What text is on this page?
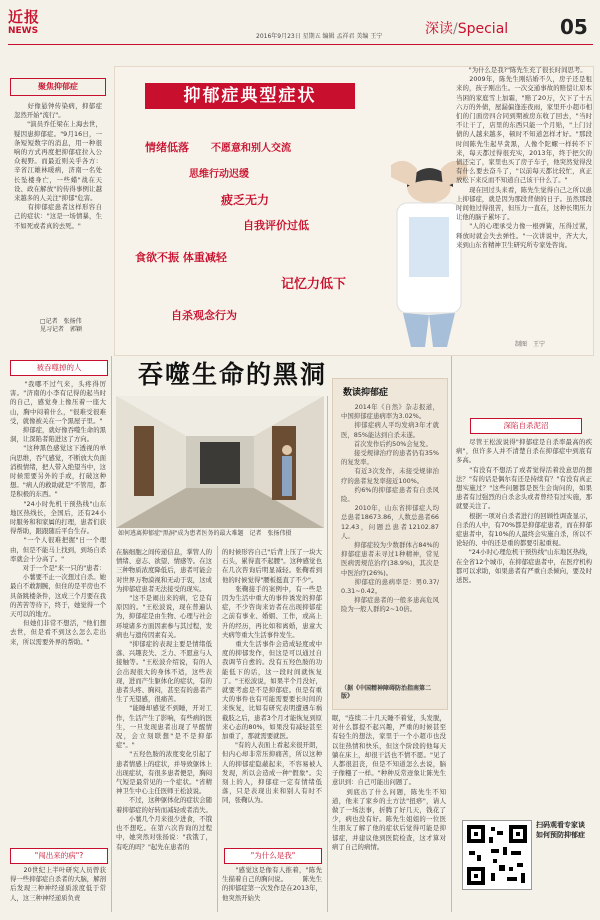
近报
NEWS
2016年9月23日 星期五 编辑 孟祥君 美编 王宁	深读/Special	05
聚焦抑郁症
　　好像悬钟传染病，抑郁症忽然开始"流行"。
　　"演员乔任梁在上海去世，疑因患抑郁症。"9月16日，一条短短数字的消息，用一种很响的方式再度把抑郁症拉入公众视野。而最近则关乎各方：辛省江雄林暖病，济南一名处长坠楼身亡，一些蜡"战在天设、政在解放"的传得事例让越来越多的人关注"抑郁"危害。
　　有抑郁症患者这样形容自己的症状："这是一场情暴，生不如死或者真的去死。"
□记者　张扬伟
见习记者　郭颖
抑郁症典型症状
情绪低落 不愿意和别人交流
思维行动迟缓
疲乏无力
自我评价过低
食欲不振 体重减轻
记忆力低下
自杀观念行为
制图　王宁
吞噬生命的黑洞
被吞噬掉的人
　　"我哪不过气来，头疼得厉害。"济南的小李有记得的起当时的自己，感觉身上像压着一座大山，胸中闷着什么，"很难受很难受，就像被关在一个黑屋子里。"
　　抑郁症，就好像吞噬生命的黑洞，让深陷者陷进这了方向。
　　"这种黑色感觉这下透视的单向思维，吞气感觉，不断放大负面消极情绪，把人带入绝望当中，这时候需要另外的手或，打破这种想。"病人的救助就是"不管用，都是积极的东西。"
　　"24小时先机干预热线"山东地区热线长，全国后，还有24小时服务和和家属的打理，患者们获得帮助，跟跟随后平台生存。
　　"一个人很难把握"日一个理由，但是不能马上找到，到场自杀率就会十分高了。"
　　对于一个是"来一只的"患者：
　　小薯要不止一次想过自杀。她最自不敢割腕，但住的是平房也不具备跳楼条件，这成三个月要在我的苦苦等待下，终于，她觉得一个天可以的地方。
　　但她们非常不想活，"他们想去世，但是看不到这么怎么走出来，所以需要外界的帮助。"
"闯出来的病"?
　　20世纪上半叶研究人员曾获得一些抑郁症自杀者的大脑，解剖后发现三种神经递质浓度低于常人，这三种神经递质负责
如何逃离抑郁症"黑洞"成为患者医务的最大难题　记者　张扬伟摄
在脑细胞之间传递信息，掌管人的情绪、意志、欲望、情感等。在这三种物质浓度降低后，患者可能会对世界万物漠视和无动于衷，这成为抑郁症患者无法接受的现实。
　　"这不是闹出来的病，它是有原因的。"王松波说，现在普遍认为，抑郁症是由生物、心理与社会环境诸多方面因素参与其过程，发病也与遗传因素有关。
　　"抑郁症的表现主要是情绪低落、兴趣丧失、乏力、不愿意与人接触等。"王松波介绍说，有的人会出现很大的身体不适，这些表现，进而产生躯体化的症状，有的患者头疼、胸闷，甚至有的患者产生了无望感，很痛苦。
　　"能睡却感觉不到睡，开对工作，生活产生了影响，有些病的医生，一旦发现患者出现了早醒情况，会立刻联想"是不是抑郁症"。"
　　"五羟色胺的浓度变化引起了患者情感上的症状，并导致躯体上出现症状，有很多患者便是，胸闷气短是最常见的一个症状。"省精神卫生中心主任医师王松波说。
　　不过，这种躯体化的症状会随着抑郁症的好转而减轻或者消失。
　　小薯几个月来很少进食，不饿也不想吃。在第六次咨询的过程中，她突然对张扬说："我饿了，有吃的吗？"起先在患者的
的时候形容自己"后背上压了一块大石头，累得直不起腰"。这种感觉也在几次咨询后明显减轻。张鞠看到他的时候觉得"腰板挺直了不少"。
　　张鞠接手的案例中，有一些是因为生活中重大的事件诱发的抑郁症，不少咨询来访者在出现抑郁症之前有事业、婚姻、工作，或高上升的经历，再比如和离婚，患童大夫病等重大生活事件发生。
　　重大生活事件会造成轻度或中度的抑郁发作，但这是可以通过自我调节自愈的。没有五羟色胺的功能低下的话，这一段时间就恢复了。"王松波说，如果半个月没好，就要考虑是不是抑郁症。但是有重大的事件也有可能需要要长时间的来恢复，比如有研究表明遭遇车祸截肢之后，患者3个月才能恢复到原来心态的80%，如果没有减轻甚至加重了，那就需要就医。
　　"有的人表面上看起来很开朗，但内心却非常压抑痛苦，所以这种人的抑郁症隐蔽起来，不容易被人发现，所以会造成一种"假象"。尖刻上的人，抑郁症一定有情绪低落，只是表现出来和别人有时不同，张鞠认为。
"为什么是我"
　　"感觉这是像有人推着，"陈先生描着自己的胸问说。 　　陈先生的抑郁症第一次发作是在2013年，他突然开始失
数读抑郁症
　　2014年《自然》杂志报道，中国抑郁症患病率为3.02%。
　　抑郁症病人平均发病3年才就医，85%能达到自杀未遂。
　　首次发作后约50%会复发。
　　接受规律治疗的患者仍有35%的复发率。
　　有近3次发作，未接受规律治疗的患者复发率接近100%。
　　约6%的抑郁症患者有自杀风险。
　　2010年，山东省抑郁症人均总患者18673.86，人数总患者6612.43，问题总患者12102.87人。
　　抑郁症较为少数群体占84%的抑郁症患者未寻过1种精神，常见医病需规范治疗(38.9%)，其次是中医治疗(26%)。
　　抑郁症的患病率是：男0.37/0.31~0.42。
　　抑郁症患者的一般多患高危风险为一般人群的2~10倍。
（据《中国精神障碍防治指南第二版》
眠，"连续二十几天睡不着觉，头发脱，对什么都提不起兴趣，严重的时候甚至有轻生的想法，家里于一个小超市也没以往热情和快乐，但这个阶段的他每天躺在床上，却很干活也不情不愿。"见了人都很沮丧，但是不知道怎么去说，脑子像糨了一样。"种种反常迹象让陈先生意识到：自己可能出问题了。
　　到底出了什么问题，陈先生不知道，他来了家乡的土方法"扭痧"，请人做了一场法事，折腾了好几天，钱花了少，病也没有好。陈先生姐姐的一位医生朋友了解了他的症状后觉得可能是抑郁症，并建议他到医院检查，这才算对病了自己的病情。
　　"为什么是我?"陈先生充了很长时间思考。
　　2009年，陈先生刚结婚不久，房子还是租来的，孩子刚出生。一次交通事故的赔偿让原本当困的家庭雪上加霜，"赔了20万，欠下了十五六万的外债，屋漏偏逢连夜雨，家里开小超市相们的门面房四合同到期被房东收了回去，"当时不让干了，店里的东西只能一个月贴，"上门讨债的人越来越多，顿时不知道怎样才好。"那段时间陈先生起早贪黑，人像个陀螺一样转不下来，每天都过得很充实，2013年，终于把欠的债还完了，家里也买了房子车子，他突然觉得没有什么要去奋斗了，"以前每天都比较忙，真正放松下来反而不知道自己该干什么了。"
　　现在回过头来看，陈先生觉得自己之所以患上抑郁症，就是因为那段背债的日子。虽然那段时间他过得很苦，但压力一直在，这种长期压力让他的脑子累坏了。
　　"人的心理承受力像一根弹簧，压得过紧，释放时就会失去弹性。"一次讲说中，齐大大，来到山东省精神卫生研究所专家处咨询。
深陷自杀泥沼
　　尽管王松波说得"抑郁症是自杀率最高的疾病"，但许多人并不清楚自杀在抑郁症中到底有多高。
　　"有没有不想活了或者觉得活着没意思的想法？"有的话是偶尔有还是持续有？"有没有真正想实施过？"这些问题都是医生会询问的，如果患者有过强烈的自杀念头或者曾经有过实施，那就要关注了。
　　根据一项对自杀者进行的回顾性调查显示，自杀的人中，有70%都是抑郁症患者，而在抑郁症患者中，有10%的人最终会实施自杀，所以不论轻的、中的还是重的都要引起重视。
　　"24小时心理危机干预热线"山东地区热线，在全省12个城市，在抑郁症患者中，在医疗机构都可以求助，如果患者有严重自杀倾向，要及时送医。
扫码观看专家谈如何预防抑郁症
